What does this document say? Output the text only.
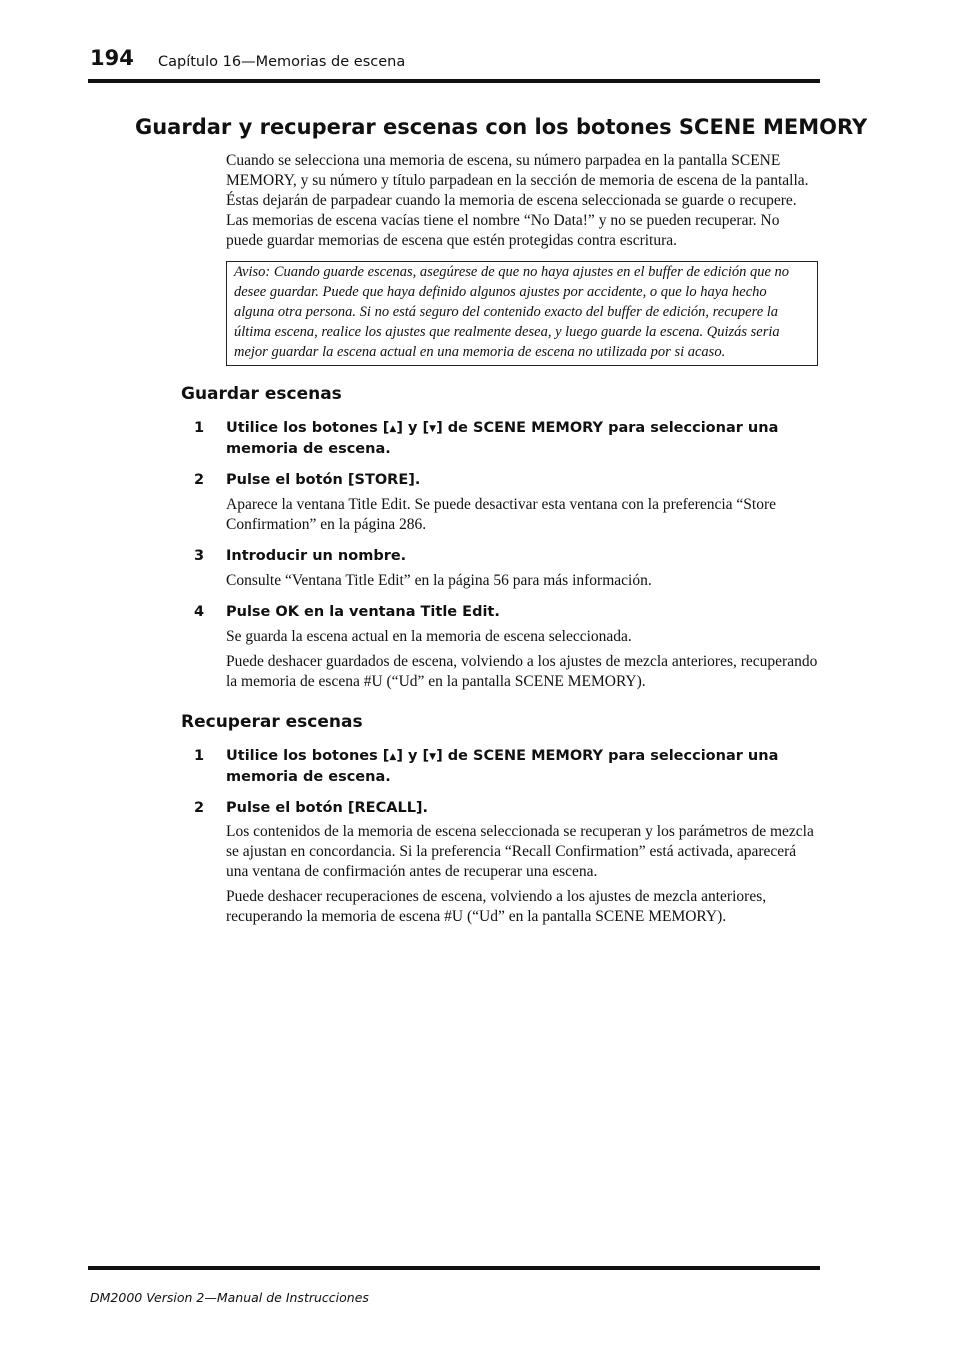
194 Capítulo 16—Memorias de escena
Guardar y recuperar escenas con los botones SCENE MEMORY
Cuando se selecciona una memoria de escena, su número parpadea en la pantalla SCENE MEMORY, y su número y título parpadean en la sección de memoria de escena de la pantalla. Éstas dejarán de parpadear cuando la memoria de escena seleccionada se guarde o recupere. Las memorias de escena vacías tiene el nombre “No Data!” y no se pueden recuperar. No puede guardar memorias de escena que estén protegidas contra escritura.
Aviso: Cuando guarde escenas, asegúrese de que no haya ajustes en el buffer de edición que no desee guardar. Puede que haya definido algunos ajustes por accidente, o que lo haya hecho alguna otra persona. Si no está seguro del contenido exacto del buffer de edición, recupere la última escena, realice los ajustes que realmente desea, y luego guarde la escena. Quizás seria mejor guardar la escena actual en una memoria de escena no utilizada por si acaso.
Guardar escenas
1	Utilice los botones [▲] y [▼] de SCENE MEMORY para seleccionar una memoria de escena.
2	Pulse el botón [STORE].
Aparece la ventana Title Edit. Se puede desactivar esta ventana con la preferencia “Store Confirmation” en la página 286.
3	Introducir un nombre.
Consulte “Ventana Title Edit” en la página 56 para más información.
4	Pulse OK en la ventana Title Edit.
Se guarda la escena actual en la memoria de escena seleccionada.
Puede deshacer guardados de escena, volviendo a los ajustes de mezcla anteriores, recuperando la memoria de escena #U (“Ud” en la pantalla SCENE MEMORY).
Recuperar escenas
1	Utilice los botones [▲] y [▼] de SCENE MEMORY para seleccionar una memoria de escena.
2	Pulse el botón [RECALL].
Los contenidos de la memoria de escena seleccionada se recuperan y los parámetros de mezcla se ajustan en concordancia. Si la preferencia “Recall Confirmation” está activada, aparecerá una ventana de confirmación antes de recuperar una escena.
Puede deshacer recuperaciones de escena, volviendo a los ajustes de mezcla anteriores, recuperando la memoria de escena #U (“Ud” en la pantalla SCENE MEMORY).
DM2000 Version 2—Manual de Instrucciones
